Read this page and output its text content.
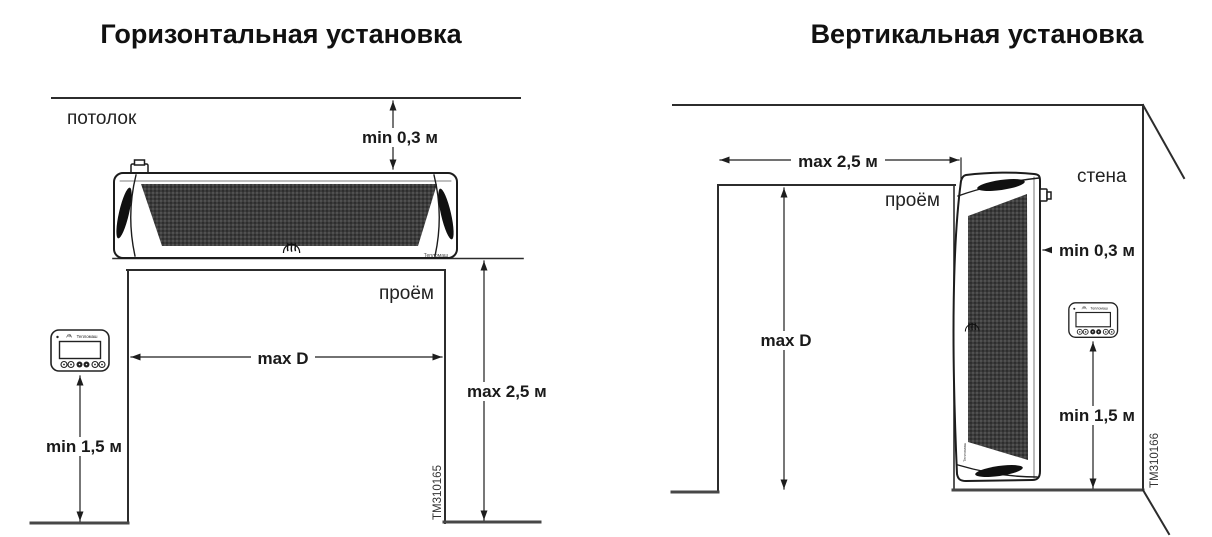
Тепломаш
Тепломаш
TM310165
Тепломаш	TM310166
Горизонтальная установка	Вертикальная установка
потолок
проём
стена
проём
min 0,3 м
max D
max 2,5 м
min 1,5 м
max 2,5 м
min 0,3 м
max D
min 1,5 м
